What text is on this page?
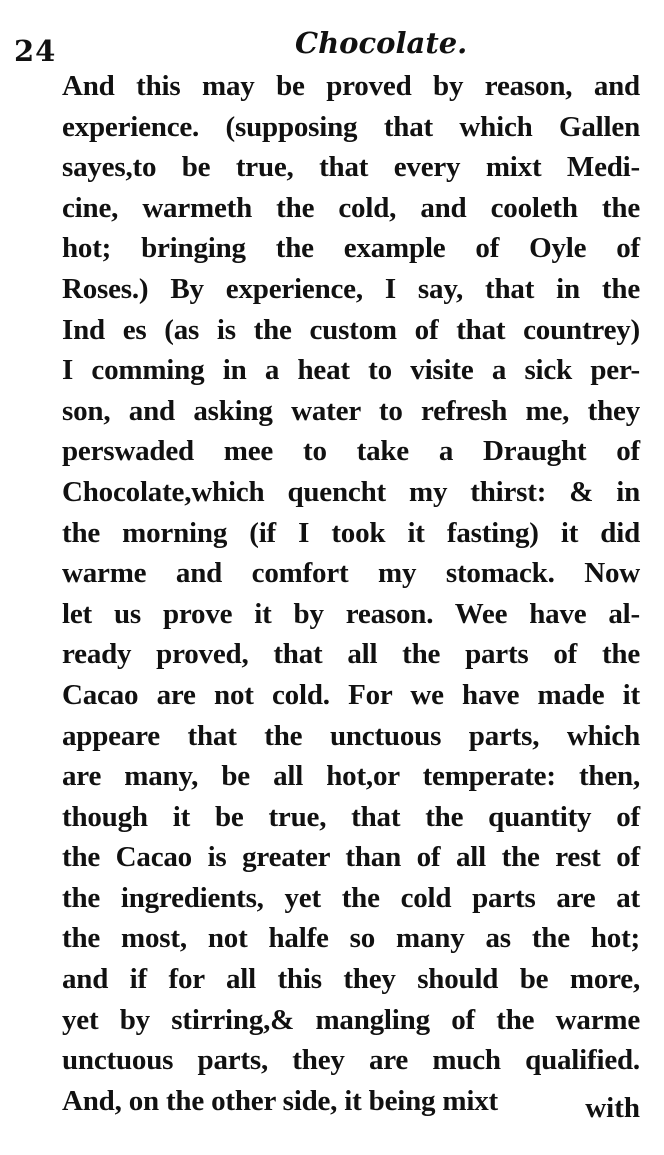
24	Chocolate.
And this may be proved by reason, and
experience. (supposing that which Gallen
sayes,to be true, that every mixt Medi-
cine, warmeth the cold, and cooleth the
hot; bringing the example of Oyle of
Roses.) By experience, I say, that in the
Ind es (as is the custom of that countrey)
I comming in a heat to visite a sick per-
son, and asking water to refresh me, they
perswaded mee to take a Draught of
Chocolate,which quencht my thirst: & in
the morning (if I took it fasting) it did
warme and comfort my stomack. Now
let us prove it by reason. Wee have al-
ready proved, that all the parts of the
Cacao are not cold. For we have made it
appeare that the unctuous parts, which
are many, be all hot,or temperate: then,
though it be true, that the quantity of
the Cacao is greater than of all the rest of
the ingredients, yet the cold parts are at
the most, not halfe so many as the hot;
and if for all this they should be more,
yet by stirring,& mangling of the warme
unctuous parts, they are much qualified.
And, on the other side, it being mixt	with
